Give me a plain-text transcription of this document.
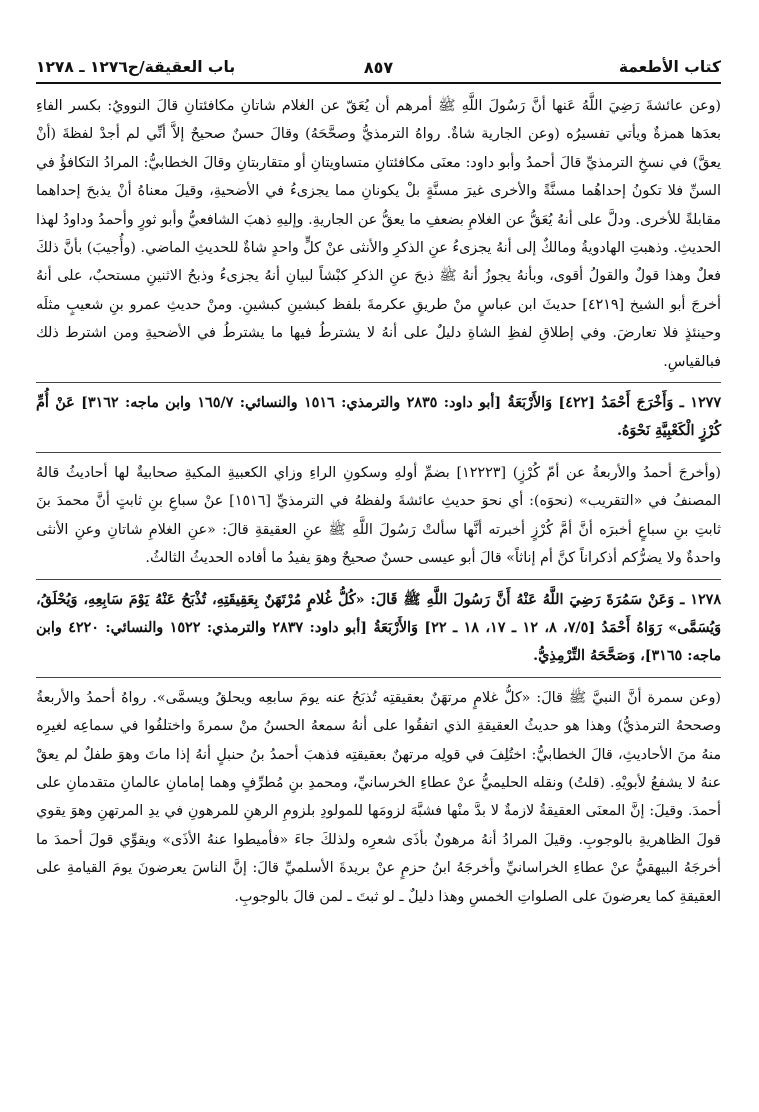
كتاب الأطعمة
٨٥٧
باب العقيقة/ح١٢٧٦ ـ ١٢٧٨

(وعن عائشةَ رَضِيَ اللَّهُ عَنها أنَّ رَسُولَ اللَّهِ ﷺ أمرهم أن يُعَقّ عن الغلام شاتانِ مكافئتانِ قالَ النوويُ: بكسر الفاءِ بعدَها همزةٌ ويأتي تفسيرُه (وعن الجارية شاةٌ. رواهُ الترمذيُّ وصحَّحَهُ) وقالَ حسنٌ صحيحٌ إلاَّ أنِّي لم أجدْ لفظةَ (أنْ يعقَّ) في نسخِ الترمذيِّ قالَ أحمدُ وأبو داود: معنَى مكافئتانِ متساويتانِ أو متقاربتانِ وقالَ الخطابيُّ: المرادُ التكافؤُ في السنِّ فلا تكونُ إحداهُما مسنَّةً والأخرى غيرَ مسنَّةٍ بلْ يكونانِ مما يجزىءُ في الأضحيةِ، وقيلَ معناهُ أنْ يذبحَ إحداهما مقابلةً للأخرى. ودلَّ على أنهُ يُعَقُّ عن الغلامِ بضعفِ ما يعقُّ عن الجاريةِ. وإليهِ ذهبَ الشافعيُّ وأبو ثورٍ وأحمدُ وداودُ لهذا الحديثِ. وذهبتِ الهادويةُ ومالكٌ إلى أنهُ يجزىءُ عنِ الذكرِ والأنثى عنْ كلٍّ واحدٍ شاةٌ للحديثِ الماضي. (وأُجيبَ) بأنَّ ذلكَ فعلٌ وهذا قولٌ والقولُ أقوى، وبأنهُ يجوزُ أنهُ ﷺ ذبحَ عنِ الذكرِ كبْشاً لبيانِ أنهُ يجزىءُ وذبحُ الاثنينِ مستحبٌ، على أنهُ أخرجَ أبو الشيخ [٤٢١٩] حديثَ ابن عباسٍ منْ طريقِ عكرمةَ بلفظ كبشينِ كبشينِ. ومنْ حديثِ عمرو بنِ شعيبٍ مثلَه وحينئذٍ فلا تعارضَ. وفي إطلاقِ لفظِ الشاةِ دليلٌ على أنهُ لا يشترطُ فيها ما يشترطُ في الأضحيةِ ومن اشترط ذلك فبالقياسِ.

١٢٧٧ ـ وَأَخْرَجَ أَحْمَدُ [٤٢٢] وَالأَرْبَعَةُ [أبو داود: ٢٨٣٥ والترمذي: ١٥١٦ والنسائي: ١٦٥/٧ وابن ماجه: ٣١٦٢] عَنْ أُمِّ كُرْزٍ الْكَعْبِيَّةِ نَحْوَهُ.

(وأخرجَ أحمدُ والأربعةُ عن أمّ كُرْزٍ) [١٢٢٢٣] بضمِّ أولهِ وسكونِ الراءِ وزاي الكعبيةِ المكيةِ صحابيةٌ لها أحاديثُ قالهُ المصنفُ في «التقريب» (نحوَه): أي نحوَ حديثِ عائشةَ ولفظهُ في الترمذيِّ [١٥١٦] عنْ سباعِ بنِ ثابتٍ أنَّ محمدَ بنَ ثابتِ بنِ سباعٍ أخبرَه أنَّ أمَّ كُرْزٍ أخبرته أنَّها سألتْ رَسُولَ اللَّهِ ﷺ عنِ العقيقةِ قالَ: «عنِ الغلامِ شاتانِ وعنِ الأنثى واحدةٌ ولا يضرُّكم أذكراناً كنَّ أم إناثاً» قالَ أبو عيسى حسنٌ صحيحٌ وهوَ يفيدُ ما أفاده الحديثُ الثالثُ.

١٢٧٨ ـ وَعَنْ سَمُرَةَ رَضِيَ اللَّهُ عَنْهُ أَنَّ رَسُولَ اللَّهِ ﷺ قَالَ: «كُلُّ غُلامٍ مُرْتَهَنٌ بِعَقِيقَتِهِ، تُذْبَحُ عَنْهُ يَوْمَ سَابِعِهِ، وَيُحْلَقُ، وَيُسَمَّى» رَوَاهُ أَحْمَدُ [٧/٥، ٨، ١٢ ـ ١٧، ١٨ ـ ٢٢] وَالأَرْبَعَةُ [أبو داود: ٢٨٣٧ والترمذي: ١٥٢٢ والنسائي: ٤٢٢٠ وابن ماجه: ٣١٦٥]، وَصَحَّحَهُ التِّرْمِذِيُّ.

(وعن سمرة أنَّ النبيَّ ﷺ قالَ: «كلُّ غلامٍ مرتهَنٌ بعقيقتِه تُذبَحُ عنه يومَ سابعِه ويحلقُ ويسمَّى». رواهُ أحمدُ والأربعةُ وصححهُ الترمذيُّ) وهذا هو حديثُ العقيقةِ الذي اتفقُوا على أنهُ سمعهُ الحسنُ منْ سمرةَ واختلفُوا في سماعِه لغيرِه منهُ منَ الأحاديثِ، قالَ الخطابيُّ: اختُلِفَ في قولِه مرتهنٌ بعقيقتِه فذهبَ أحمدُ بنُ حنبلٍ أنهُ إذا ماتَ وهوَ طفلٌ لم يعقْ عنهُ لا يشفعُ لأبويْهِ. (قلتُ) ونقله الحليميُّ عنْ عطاءِ الخرسانيِّ، ومحمدِ بنِ مُطرِّفٍ وهما إمامانِ عالمانِ متقدمانِ على أحمدَ. وقيلَ: إنَّ المعنَى العقيقةُ لازمةٌ لا بدَّ منْها فشبَّهَ لزومَها للمولودِ بلزومِ الرهنِ للمرهونِ في يدِ المرتهنِ وهوَ يقوي قولَ الظاهريةِ بالوجوبِ. وقيلَ المرادُ أنهُ مرهونٌ بأذَى شعرِه ولذلكَ جاءَ «فأميطوا عنهُ الأذَى» ويقوِّي قولَ أحمدَ ما أخرجَهُ البيهقيُّ عنْ عطاءِ الخراسانيِّ وأخرجَهُ ابنُ حزمٍ عنْ بريدةَ الأسلميِّ قالَ: إنَّ الناسَ يعرضونَ يومَ القيامةِ على العقيقةِ كما يعرضونَ على الصلواتِ الخمسِ وهذا دليلٌ ـ لو ثبتَ ـ لمن قالَ بالوجوبِ.
